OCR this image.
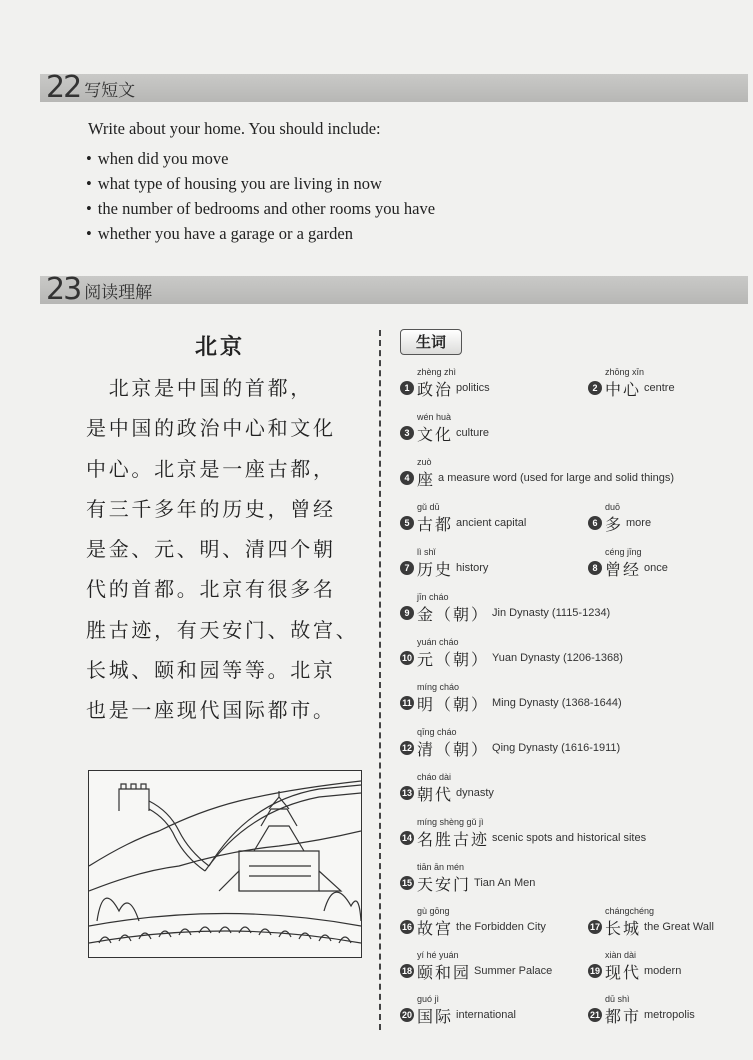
22 写短文
Write about your home. You should include:
• when did you move
• what type of housing you are living in now
• the number of bedrooms and other rooms you have
• whether you have a garage or a garden
23 阅读理解
北京
　北京是中国的首都，
是中国的政治中心和文化
中心。北京是一座古都，
有三千多年的历史，曾经
是金、元、明、清四个朝
代的首都。北京有很多名
胜古迹，有天安门、故宫、
长城、颐和园等等。北京
也是一座现代国际都市。
生词
zhèng zhì
1 政治 politics
zhōng xīn
2 中心 centre
wén huà
3 文化 culture
zuò
4 座 a measure word (used for large and solid things)
gǔ dū
5 古都 ancient capital
duō
6 多 more
lì shǐ
7 历史 history
céng jīng
8 曾经 once
jīn cháo
9 金（朝） Jin Dynasty (1115-1234)
yuán cháo
10 元（朝） Yuan Dynasty (1206-1368)
míng cháo
11 明（朝） Ming Dynasty (1368-1644)
qīng cháo
12 清（朝） Qing Dynasty (1616-1911)
cháo dài
13 朝代 dynasty
míng shèng gǔ jì
14 名胜古迹 scenic spots and historical sites
tiān ān mén
15 天安门 Tian An Men
gù gōng
16 故宫 the Forbidden City
chángchéng
17 长城 the Great Wall
yí hé yuán
18 颐和园 Summer Palace
xiàn dài
19 现代 modern
guó jì
20 国际 international
dū shì
21 都市 metropolis
